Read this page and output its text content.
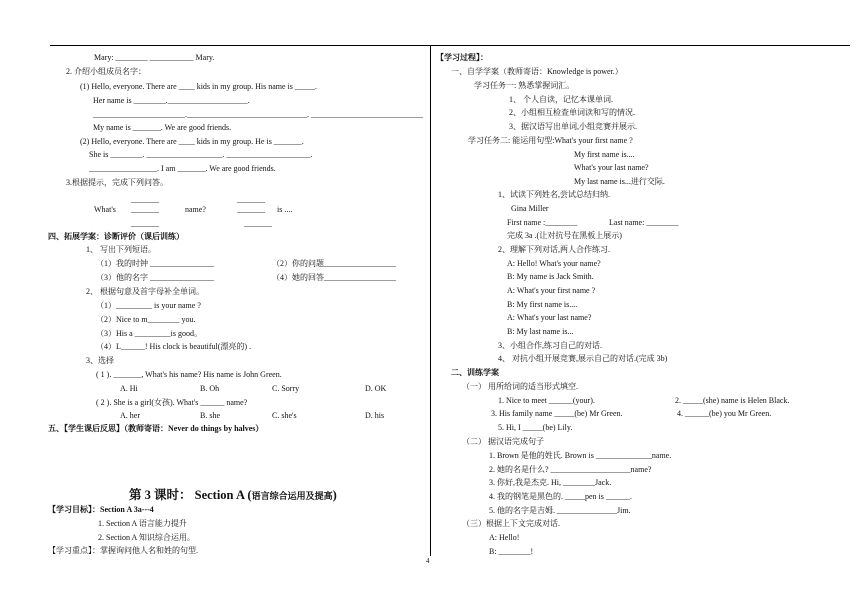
Mary: ________ ___________ Mary.
2. 介绍小组成员名字：
(1) Hello, everyone. There are ____ kids in my group. His name is _____.
Her name is ________.____________________.
_______________________.______________________________. ____________________________
My name is _______. We are good friends.
(2) Hello, everyone. There are ____ kids in my group. He is _______.
She is ________. ___________________. _____________________.
_________________. I am _______. We are good friends.
3.根据提示，完成下列问答。
_______	_______
What's _______	name?	_______ is ....
_______	_______
四、拓展学案：诊断评价（课后训练）
1、 写出下列短语。
（1）我的时钟 ________________	（2）你的问题__________________
（3）他的名字 ________________	（4）她的回答__________________
2、 根据句意及首字母补全单词。
（1）_________ is your name ?
（2）Nice to m________ you.
（3）His a _________is good。
（4）L______! His clock is beautiful(漂亮的) .
3、选择
( 1 ). _______, What's his name? His name is John Green.
A. Hi	B. Oh	C. Sorry	D. OK
( 2 ). She is a girl(女孩). What's ______ name?
A. her	B. she	C. she's	D. his
五、【学生课后反思】（教师寄语：Never do things by halves）
【学习目标】：Section A 3a---4
1. Section A 语言能力提升
2. Section A 知识综合运用。
【学习重点】：掌握询问他人名和姓的句型.
【学习过程】：
一、自学学案（教师寄语：Knowledge is power.）
学习任务一: 熟悉掌握词汇。
1、 个人自读，记忆本课单词.
2、小组相互检查单词读和写的情况.
3、据汉语写出单词,小组竞赛并展示.
学习任务二: 能运用句型:What's your first name ?
My first name is....
What's your last name?
My last name is...进行交际.
1、试读下列姓名,尝试总结归纳.
Gina Miller
First name :________	Last name: ________
完成 3a .(让对抗号在黑板上展示)
2、理解下列对话,两人合作练习.
A: Hello! What's your name?
B: My name is Jack Smith.
A: What's your first name ?
B: My first name is....
A: What's your last name?
B: My last name is...
3、小组合作,练习自己的对话.
4、 对抗小组开展竞赛,展示自己的对话.(完成 3b)
二、训练学案
（一） 用所给词的适当形式填空.
1. Nice to meet ______(your).	2. _____(she) name is Helen Black.
3. His family name _____(be) Mr Green.	4. ______(be) you Mr Green.
5. Hi, I _____(be) Lily.
（二） 据汉语完成句子
1. Brown 是他的姓氏. Brown is ______________name.
2. 她的名是什么? ____________________name?
3. 你好,我是杰克. Hi, ________Jack.
4. 我的钢笔是黑色的. _____pen is ______.
5. 他的名字是吉姆. _______________Jim.
（三）根据上下文完成对话.
A: Hello!
B: ________!
第 3 课时： Section A (语言综合运用及提高)
4
